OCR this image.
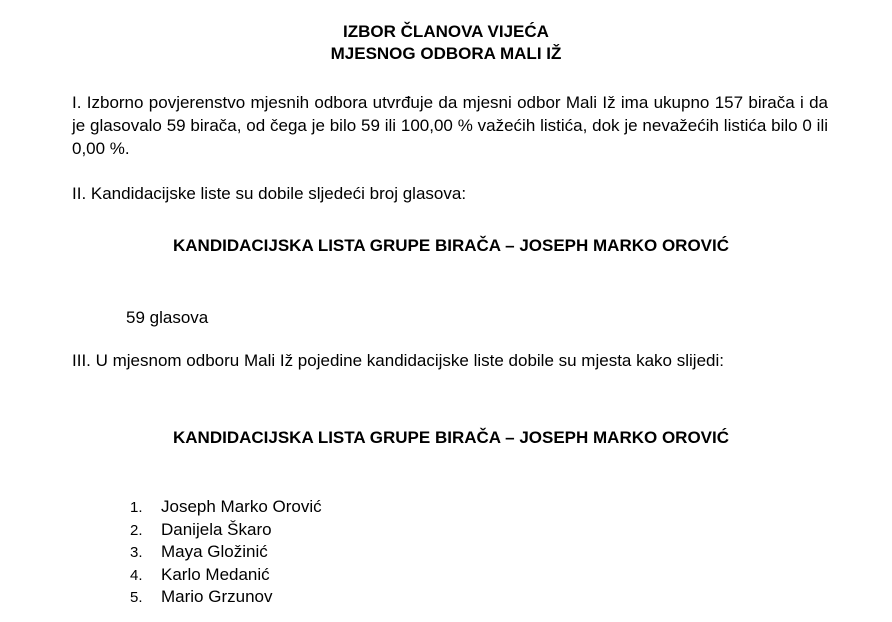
IZBOR ČLANOVA VIJEĆA
MJESNOG ODBORA MALI IŽ
I. Izborno povjerenstvo mjesnih odbora utvrđuje da mjesni odbor Mali Iž ima ukupno 157 birača i da je glasovalo 59 birača, od čega je bilo 59 ili 100,00 % važećih listića, dok je nevažećih listića bilo 0 ili 0,00 %.
II. Kandidacijske liste su dobile sljedeći broj glasova:
KANDIDACIJSKA LISTA GRUPE BIRAČA – JOSEPH MARKO OROVIĆ
59 glasova
III. U mjesnom odboru Mali Iž pojedine kandidacijske liste dobile su mjesta kako slijedi:
KANDIDACIJSKA LISTA GRUPE BIRAČA – JOSEPH MARKO OROVIĆ
1.	Joseph Marko Orović
2.	Danijela Škaro
3.	Maya Gložinić
4.	Karlo Medanić
5.	Mario Grzunov
